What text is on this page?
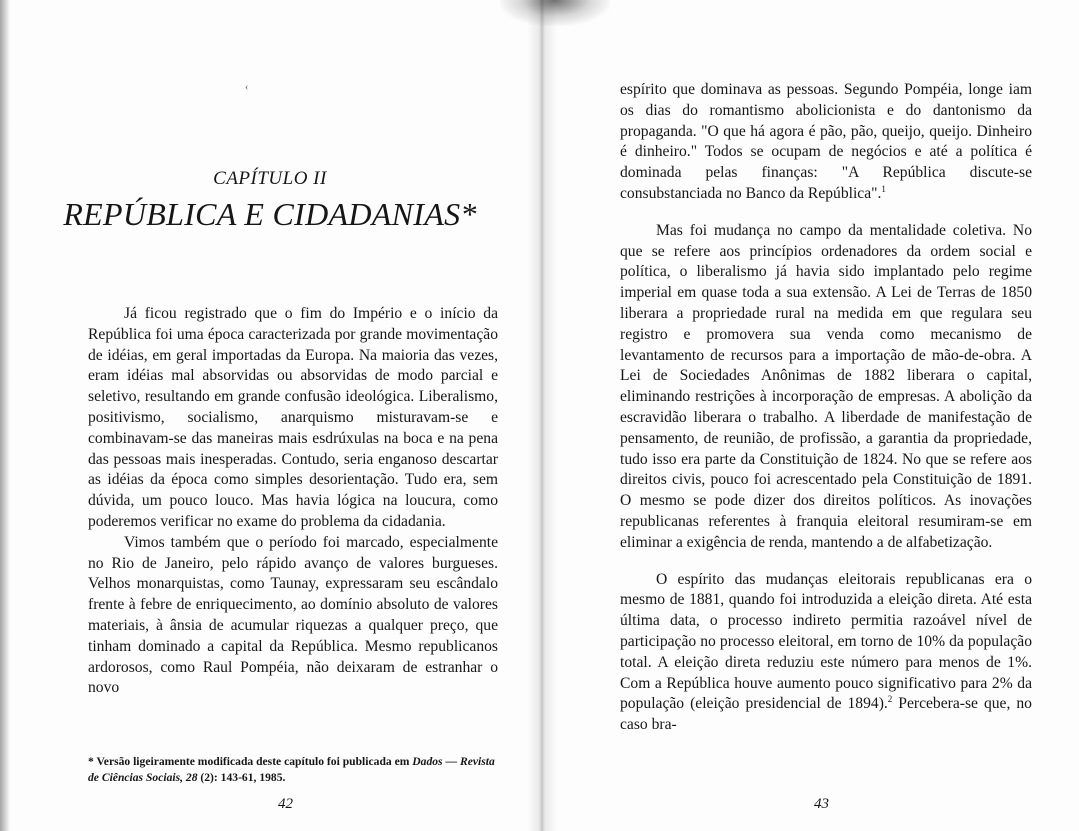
‹
CAPÍTULO II
REPÚBLICA E CIDADANIAS*

Já ficou registrado que o fim do Império e o início da República foi uma época caracterizada por grande movimentação de idéias, em geral importadas da Europa. Na maioria das vezes, eram idéias mal absorvidas ou absorvidas de modo parcial e seletivo, resultando em grande confusão ideológica. Liberalismo, positivismo, socialismo, anarquismo misturavam-se e combinavam-se das maneiras mais esdrúxulas na boca e na pena das pessoas mais inesperadas. Contudo, seria enganoso descartar as idéias da época como simples desorientação. Tudo era, sem dúvida, um pouco louco. Mas havia lógica na loucura, como poderemos verificar no exame do problema da cidadania.

Vimos também que o período foi marcado, especialmente no Rio de Janeiro, pelo rápido avanço de valores burgueses. Velhos monarquistas, como Taunay, expressaram seu escândalo frente à febre de enriquecimento, ao domínio absoluto de valores materiais, à ânsia de acumular riquezas a qualquer preço, que tinham dominado a capital da República. Mesmo republicanos ardorosos, como Raul Pompéia, não deixaram de estranhar o novo

* Versão ligeiramente modificada deste capítulo foi publicada em Dados — Revista de Ciências Sociais, 28 (2): 143-61, 1985.
42	43

espírito que dominava as pessoas. Segundo Pompéia, longe iam os dias do romantismo abolicionista e do dantonismo da propaganda. "O que há agora é pão, pão, queijo, queijo. Dinheiro é dinheiro." Todos se ocupam de negócios e até a política é dominada pelas finanças: "A República discute-se consubstanciada no Banco da República".$^1$

Mas foi mudança no campo da mentalidade coletiva. No que se refere aos princípios ordenadores da ordem social e política, o liberalismo já havia sido implantado pelo regime imperial em quase toda a sua extensão. A Lei de Terras de 1850 liberara a propriedade rural na medida em que regulara seu registro e promovera sua venda como mecanismo de levantamento de recursos para a importação de mão-de-obra. A Lei de Sociedades Anônimas de 1882 liberara o capital, eliminando restrições à incorporação de empresas. A abolição da escravidão liberara o trabalho. A liberdade de manifestação de pensamento, de reunião, de profissão, a garantia da propriedade, tudo isso era parte da Constituição de 1824. No que se refere aos direitos civis, pouco foi acrescentado pela Constituição de 1891. O mesmo se pode dizer dos direitos políticos. As inovações republicanas referentes à franquia eleitoral resumiram-se em eliminar a exigência de renda, mantendo a de alfabetização.

O espírito das mudanças eleitorais republicanas era o mesmo de 1881, quando foi introduzida a eleição direta. Até esta última data, o processo indireto permitia razoável nível de participação no processo eleitoral, em torno de 10% da população total. A eleição direta reduziu este número para menos de 1%. Com a República houve aumento pouco significativo para 2% da população (eleição presidencial de 1894).$^2$ Percebera-se que, no caso bra-
